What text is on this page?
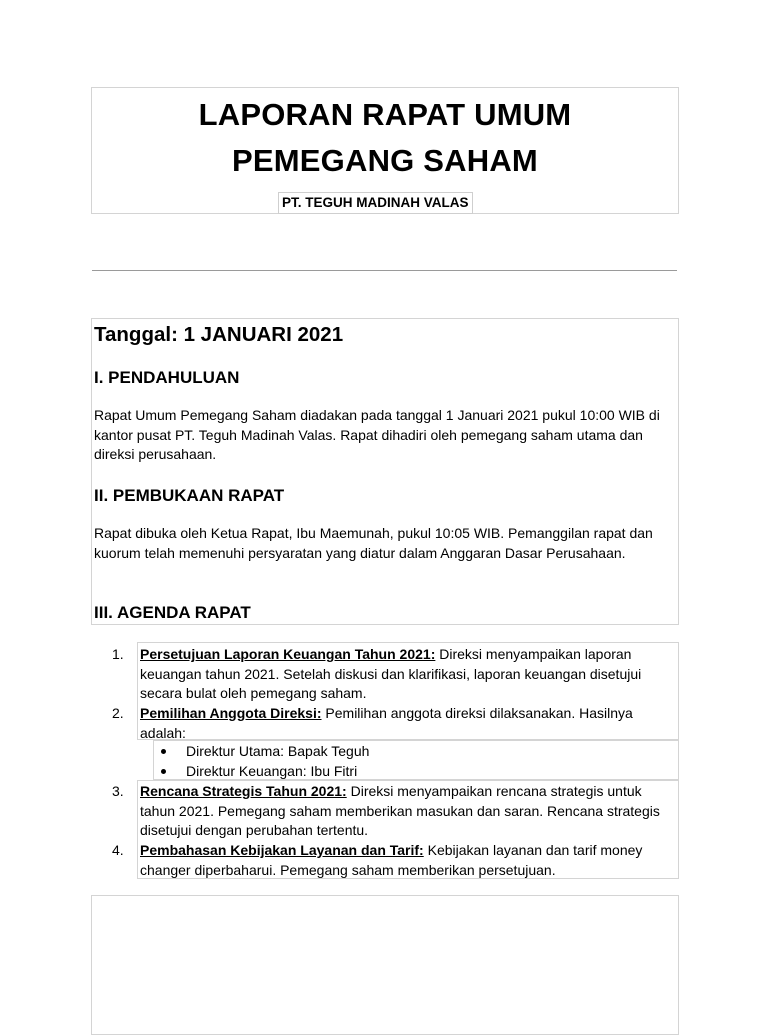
LAPORAN RAPAT UMUM
PEMEGANG SAHAM
PT. TEGUH MADINAH VALAS
Tanggal: 1 JANUARI 2021
I. PENDAHULUAN

Rapat Umum Pemegang Saham diadakan pada tanggal 1 Januari 2021 pukul 10:00 WIB di kantor pusat PT. Teguh Madinah Valas. Rapat dihadiri oleh pemegang saham utama dan direksi perusahaan.

II. PEMBUKAAN RAPAT

Rapat dibuka oleh Ketua Rapat, Ibu Maemunah, pukul 10:05 WIB. Pemanggilan rapat dan kuorum telah memenuhi persyaratan yang diatur dalam Anggaran Dasar Perusahaan.

III. AGENDA RAPAT
1.	Persetujuan Laporan Keuangan Tahun 2021: Direksi menyampaikan laporan keuangan tahun 2021. Setelah diskusi dan klarifikasi, laporan keuangan disetujui secara bulat oleh pemegang saham.
2.	Pemilihan Anggota Direksi: Pemilihan anggota direksi dilaksanakan. Hasilnya adalah:
Direktur Utama: Bapak Teguh
Direktur Keuangan: Ibu Fitri
3.	Rencana Strategis Tahun 2021: Direksi menyampaikan rencana strategis untuk tahun 2021. Pemegang saham memberikan masukan dan saran. Rencana strategis disetujui dengan perubahan tertentu.
4.	Pembahasan Kebijakan Layanan dan Tarif: Kebijakan layanan dan tarif money changer diperbaharui. Pemegang saham memberikan persetujuan.
